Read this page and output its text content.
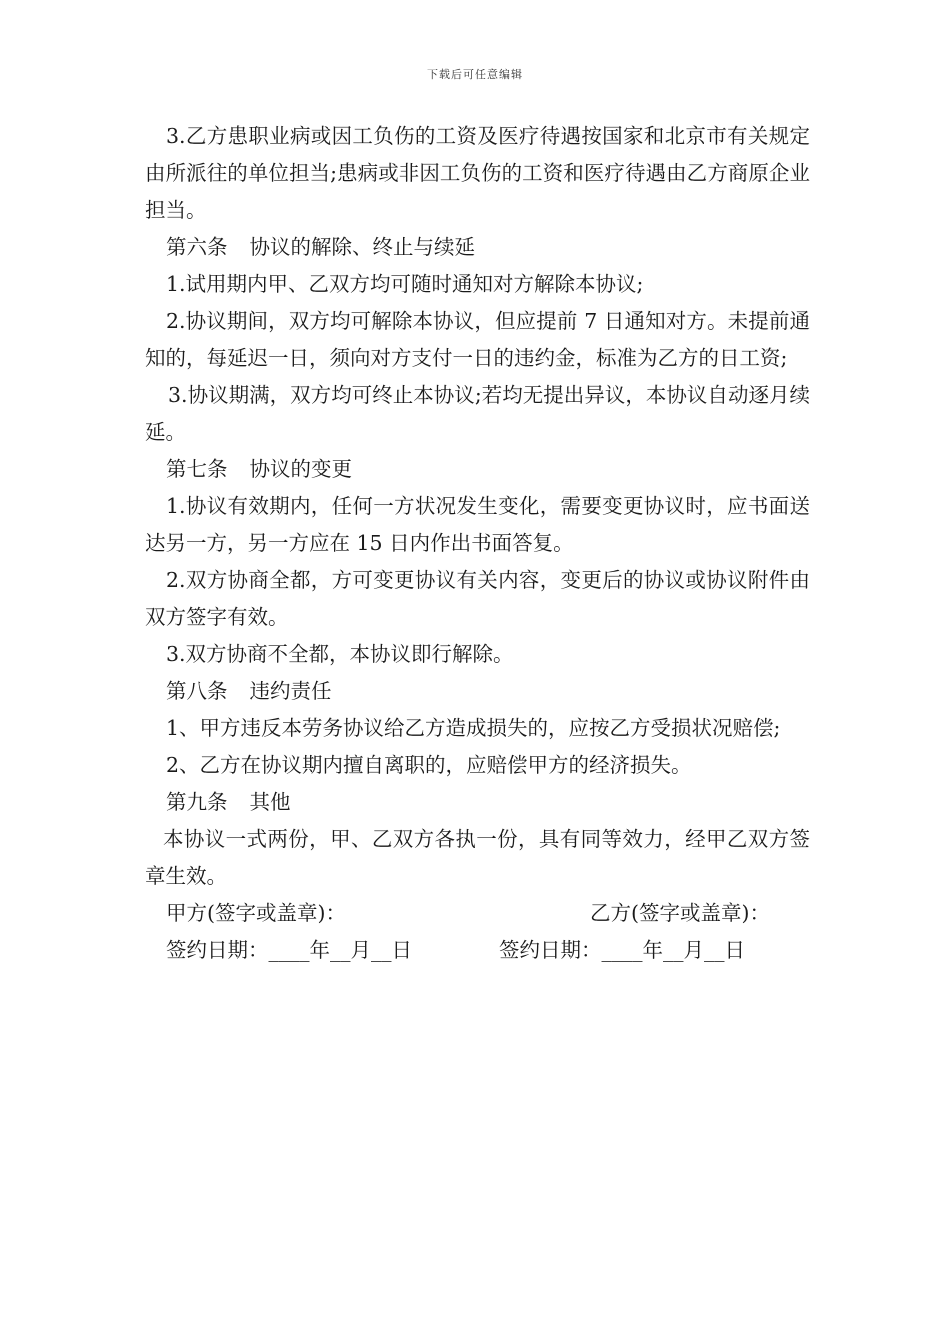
下载后可任意编辑

3.乙方患职业病或因工负伤的工资及医疗待遇按国家和北京市有关规定由所派往的单位担当;患病或非因工负伤的工资和医疗待遇由乙方商原企业担当。

第六条 协议的解除、终止与续延

1.试用期内甲、乙双方均可随时通知对方解除本协议;

2.协议期间，双方均可解除本协议，但应提前 7 日通知对方。未提前通知的，每延迟一日，须向对方支付一日的违约金，标准为乙方的日工资;

3.协议期满，双方均可终止本协议;若均无提出异议，本协议自动逐月续延。

第七条 协议的变更

1.协议有效期内，任何一方状况发生变化，需要变更协议时，应书面送达另一方，另一方应在 15 日内作出书面答复。

2.双方协商全都，方可变更协议有关内容，变更后的协议或协议附件由双方签字有效。

3.双方协商不全都，本协议即行解除。

第八条 违约责任

1、甲方违反本劳务协议给乙方造成损失的，应按乙方受损状况赔偿;

2、乙方在协议期内擅自离职的，应赔偿甲方的经济损失。

第九条 其他

本协议一式两份，甲、乙双方各执一份，具有同等效力，经甲乙双方签章生效。

甲方(签字或盖章)：	乙方(签字或盖章)：
签约日期：____年__月__日	签约日期：____年__月__日
